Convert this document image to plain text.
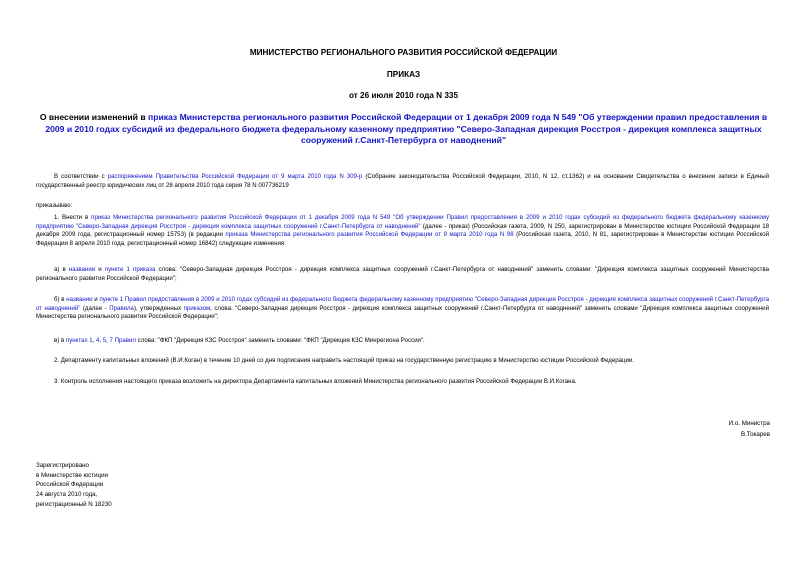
МИНИСТЕРСТВО РЕГИОНАЛЬНОГО РАЗВИТИЯ РОССИЙСКОЙ ФЕДЕРАЦИИ
ПРИКАЗ
от 26 июля 2010 года N 335
О внесении изменений в приказ Министерства регионального развития Российской Федерации от 1 декабря 2009 года N 549 "Об утверждении правил предоставления в 2009 и 2010 годах субсидий из федерального бюджета федеральному казенному предприятию "Северо-Западная дирекция Росстроя - дирекция комплекса защитных сооружений г.Санкт-Петербурга от наводнений"
В соответствии с распоряжением Правительства Российской Федерации от 9 марта 2010 года N 309-р (Собрание законодательства Российской Федерации, 2010, N 12, ст.1362) и на основании Свидетельства о внесении записи в Единый государственный реестр юридических лиц от 28 апреля 2010 года серия 78 N 007736219
приказываю:
1. Внести в приказ Министерства регионального развития Российской Федерации от 1 декабря 2009 года N 549 "Об утверждении Правил предоставления в 2009 и 2010 годах субсидий из федерального бюджета федеральному казенному предприятию "Северо-Западная дирекция Росстроя - дирекция комплекса защитных сооружений г.Санкт-Петербурга от наводнений" (далее - приказ) (Российская газета, 2009, N 250, зарегистрирован в Министерстве юстиции Российской Федерации 18 декабря 2009 года, регистрационный номер 15753) (в редакции приказа Министерства регионального развития Российской Федерации от 9 марта 2010 года N 98 (Российская газета, 2010, N 81, зарегистрирован в Министерстве юстиции Российской Федерации 8 апреля 2010 года, регистрационный номер 16842) следующие изменения:
а) в названии и пункте 1 приказа слова: "Северо-Западная дирекция Росстроя - дирекция комплекса защитных сооружений г.Санкт-Петербурга от наводнений" заменить словами: "Дирекция комплекса защитных сооружений Министерства регионального развития Российской Федерации";
б) в названии и пункте 1 Правил предоставления в 2009 и 2010 годах субсидий из федерального бюджета федеральному казенному предприятию "Северо-Западная дирекция Росстроя - дирекция комплекса защитных сооружений г.Санкт-Петербурга от наводнений" (далее - Правила), утвержденных приказом, слова: "Северо-Западная дирекция Росстроя - дирекция комплекса защитных сооружений г.Санкт-Петербурга от наводнений" заменить словами "Дирекция комплекса защитных сооружений Министерства регионального развития Российской Федерации";
в) в пунктах 1, 4, 5, 7 Правил слова: "ФКП "Дирекция КЗС Росстроя" заменить словами: "ФКП "Дирекция КЗС Минрегиона России".
2. Департаменту капитальных вложений (В.И.Коган) в течение 10 дней со дня подписания направить настоящий приказ на государственную регистрацию в Министерство юстиции Российской Федерации.
3. Контроль исполнения настоящего приказа возложить на директора Департамента капитальных вложений Министерства регионального развития Российской Федерации В.И.Когана.
И.о. Министра
В.Токарев
Зарегистрировано
в Министерстве юстиции
Российской Федерации
24 августа 2010 года,
регистрационный N 18230
